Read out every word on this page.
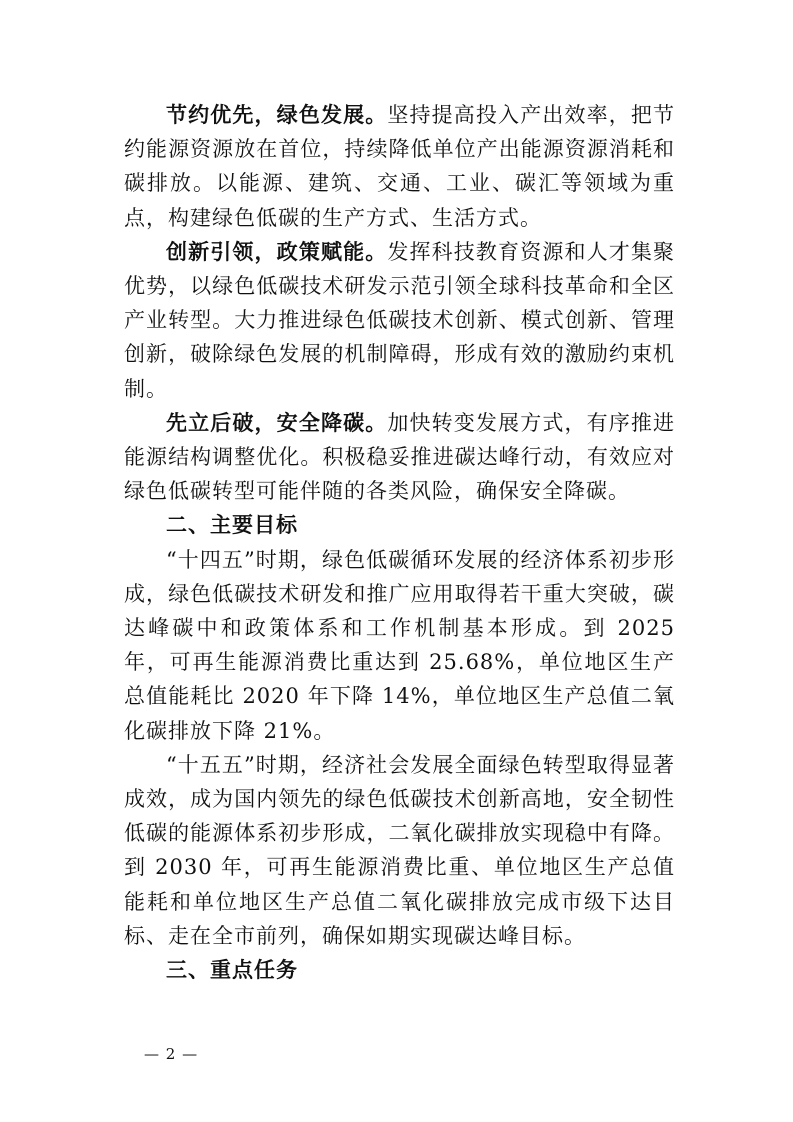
节约优先，绿色发展。坚持提高投入产出效率，把节约能源资源放在首位，持续降低单位产出能源资源消耗和碳排放。以能源、建筑、交通、工业、碳汇等领域为重点，构建绿色低碳的生产方式、生活方式。

创新引领，政策赋能。发挥科技教育资源和人才集聚优势，以绿色低碳技术研发示范引领全球科技革命和全区产业转型。大力推进绿色低碳技术创新、模式创新、管理创新，破除绿色发展的机制障碍，形成有效的激励约束机制。

先立后破，安全降碳。加快转变发展方式，有序推进能源结构调整优化。积极稳妥推进碳达峰行动，有效应对绿色低碳转型可能伴随的各类风险，确保安全降碳。

二、主要目标

“十四五”时期，绿色低碳循环发展的经济体系初步形成，绿色低碳技术研发和推广应用取得若干重大突破，碳达峰碳中和政策体系和工作机制基本形成。到 2025 年，可再生能源消费比重达到 25.68%，单位地区生产总值能耗比 2020 年下降 14%，单位地区生产总值二氧化碳排放下降 21%。

“十五五”时期，经济社会发展全面绿色转型取得显著成效，成为国内领先的绿色低碳技术创新高地，安全韧性低碳的能源体系初步形成，二氧化碳排放实现稳中有降。到 2030 年，可再生能源消费比重、单位地区生产总值能耗和单位地区生产总值二氧化碳排放完成市级下达目标、走在全市前列，确保如期实现碳达峰目标。

三、重点任务

— 2 —
